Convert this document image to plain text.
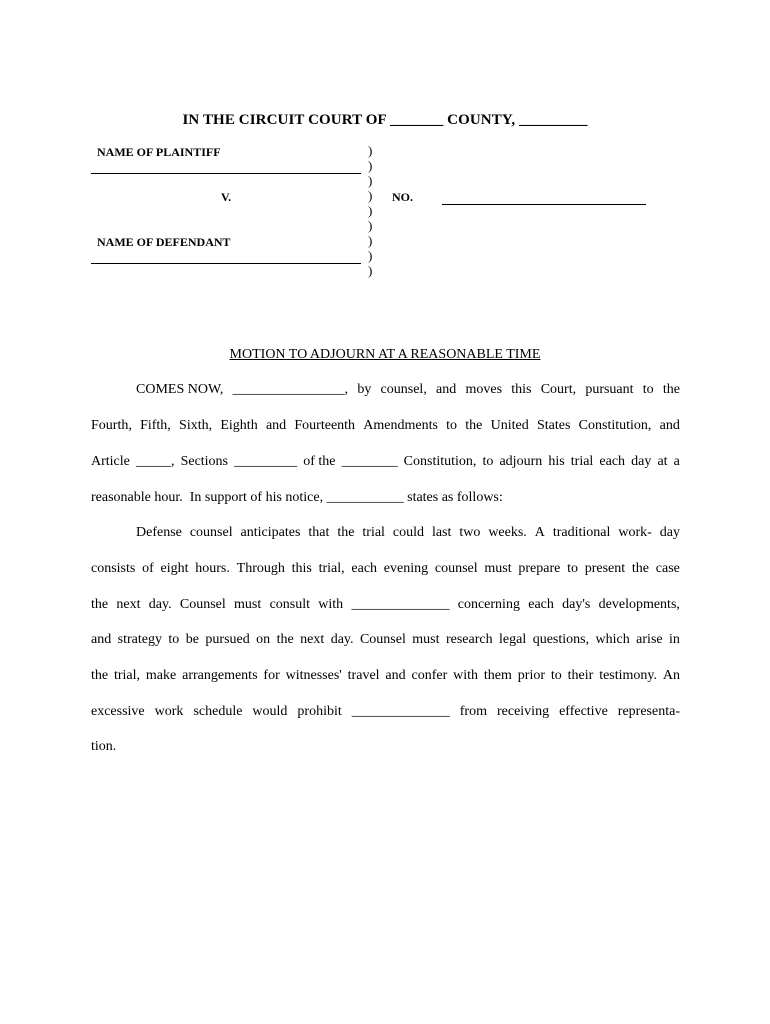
IN THE CIRCUIT COURT OF _______ COUNTY, _________
NAME OF PLAINTIFF
V.
NAME OF DEFENDANT
)
)
)
)
)
)
)
)
)
NO.
MOTION TO ADJOURN AT A REASONABLE TIME
COMES NOW, ________________, by counsel, and moves this Court, pursuant to the
Fourth, Fifth, Sixth, Eighth and Fourteenth Amendments to the United States Constitution, and
Article _____, Sections _________ of the ________ Constitution, to adjourn his trial each day at a
reasonable hour.  In support of his notice, ___________ states as follows:
Defense counsel anticipates that the trial could last two weeks. A traditional work- day
consists of eight hours. Through this trial, each evening counsel must prepare to present the case
the next day. Counsel must consult with ______________ concerning each day's developments,
and strategy to be pursued on the next day. Counsel must research legal questions, which arise in
the trial, make arrangements for witnesses' travel and confer with them prior to their testimony. An
excessive work schedule would prohibit ______________ from receiving effective representa-
tion.
